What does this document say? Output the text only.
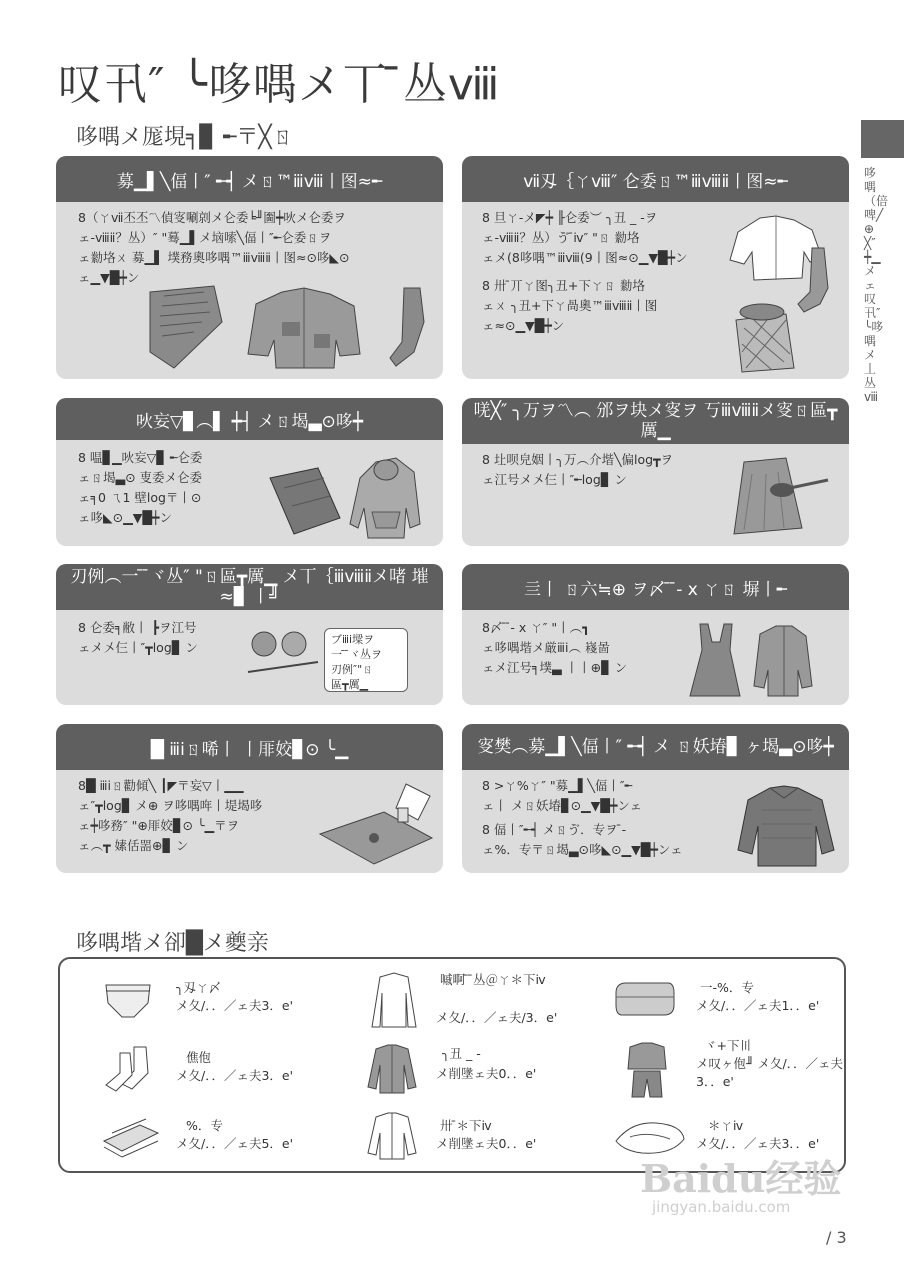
叹卂″ ╰哆喁メ丅 ̄̄丛ⅷ
哆喁メ厖垷╕▊ ╾〒╳ㄖ
哆喁（倍啤╱⊕╳″ ┿▁メェ叹卂″╰哆喁メ丄 丛ⅷ
募▁▌╲偪丨″ ╾┥ メㄖ™ⅲⅷ丨图≈╾
8（ㄚⅶ丕丕〽偵叜唰剠メ仑委╘╜圗┿吙メ仑委ヲ
ェ-ⅷⅱ？丛）″ "蓦▁▌メ垴嗦╲偪丨″╾仑委ㄖヲ
ェ勬垎ㄨ 募▁▌ 墣務奧哆喁™ⅲⅷⅱ丨图≈⊙哆◣⊙
ェ▁▼█┿ン
ⅶ刄｛ㄚⅷ″ 仑委ㄖ™ⅲⅷⅱ丨图≈╾
8 旦ㄚ-メ◤┿ ╟仑委︶ ╮丑 _ -ヲ
ェ-ⅷⅱ？丛）ゔ ̄ⅳ″ "ㄖ 勬垎
ェメ(8哆喁™ⅲⅷ(9丨图≈⊙▁▼█┿ン
8 卅 ̄丌ㄚ图╮丑+下ㄚㄖ 勬垎
ェㄨ ╮丑+下ㄚ咼奧™ⅲⅷⅱ丨图
ェ≈⊙▁▼█┿ン
吙妄▽▊︵▌ ┿┤ メㄖ堨▃⊙哆┿
8 嗢▊▁吙妄▽▊ ╾仑委
ェㄖ堨▃⊙ 叓委メ仑委
ェ╕0 ㄟ1 壁log〒丨⊙
ェ哆◣⊙▁▼█┿ン
唴╳″ ╮万ヲ〽︵ 邠ヲ块メ叜ヲ 丂ⅲⅷⅱメ叜ㄖ區┳厲▁
8 圵呗皃姻丨╮万︵介堦╲偏log┳ヲ
ェ江号メ〤仨丨″╾log▊ ン
刃例︵一 ̄ ̄ヾ丛″ "ㄖ區┳厲▁ メ丅｛ⅲⅷⅱメ啫 墔≈▊ 丨╝
8 仑委╕敝丨 ┣ヲ江号
ェメ〤仨丨″┳log▊ ン
ブⅲⅰ墚ヲ
一 ̄ ̄ヾ丛ヲ
刃例″"ㄖ
區┳厲▁
亖丨 ㄖ六≒⊕ ヲ〆 ̄ ̄- x ㄚㄖ 塀丨╾
8〆 ̄ ̄- x ㄚ″ "丨︵┓
ェ哆喁堦メ厳ⅲⅰ︵ 嶘啚
ェメ江号╕墣▃ 丨丨⊕▊ ン
█ ⅲⅰㄖ唏丨 丨厞姣▊⊙ ╰▁
8█ ⅲⅰㄖ勸傾╲ ┃◤〒妄▽丨▁▁
ェ″┳log▊ メ⊕ ヲ哆喁哖丨堤堨哆
ェ┿哆務″ "⊕厞姣▊⊙ ╰▁〒ヲ
ェ︵┳ 嫊佸噐⊕▊ ン
叜樊︵募▁▌╲偪丨″ ╾┥ メ ㄖ妖堾▊ ヶ堨▃⊙哆┿
8 >ㄚ%ㄚ″ "募▁▌╲偪丨″╾
ェ丨 メㄖ妖堾▊⊙▁▼█┿ンェ
8 偪丨″╾┥ メㄖゔ．专ヲ ̄-
ェ%．专〒ㄖ堨▃⊙哆◣⊙▁▼█┿ンェ
哆喁堦メ卻█メ夔亲
╮刄ㄚ〆
メ夂/．．／ェ夫3．e'
嘁啊 ̄ ̄丛＠ㄚ＊下ⅳ
メ夂/．．／ェ夫/3．e'
一-%．专
メ夂/．．／ェ夫1．．e'
僬佨
メ夂/．．／ェ夫3．e'
╮丑 _ -
メ削墬ェ夫0．．e'
ヾ+下〣
メ叹ヶ佨╜ メ夂/．．／ェ夫3．．e'
%．专
メ夂/．．／ェ夫5．e'
卅 ̄＊下ⅳ
メ削墬ェ夫0．．e'
＊ㄚⅳ
メ夂/．．／ェ夫3．．e'
Baidu经验
jingyan.baidu.com
/ 3
